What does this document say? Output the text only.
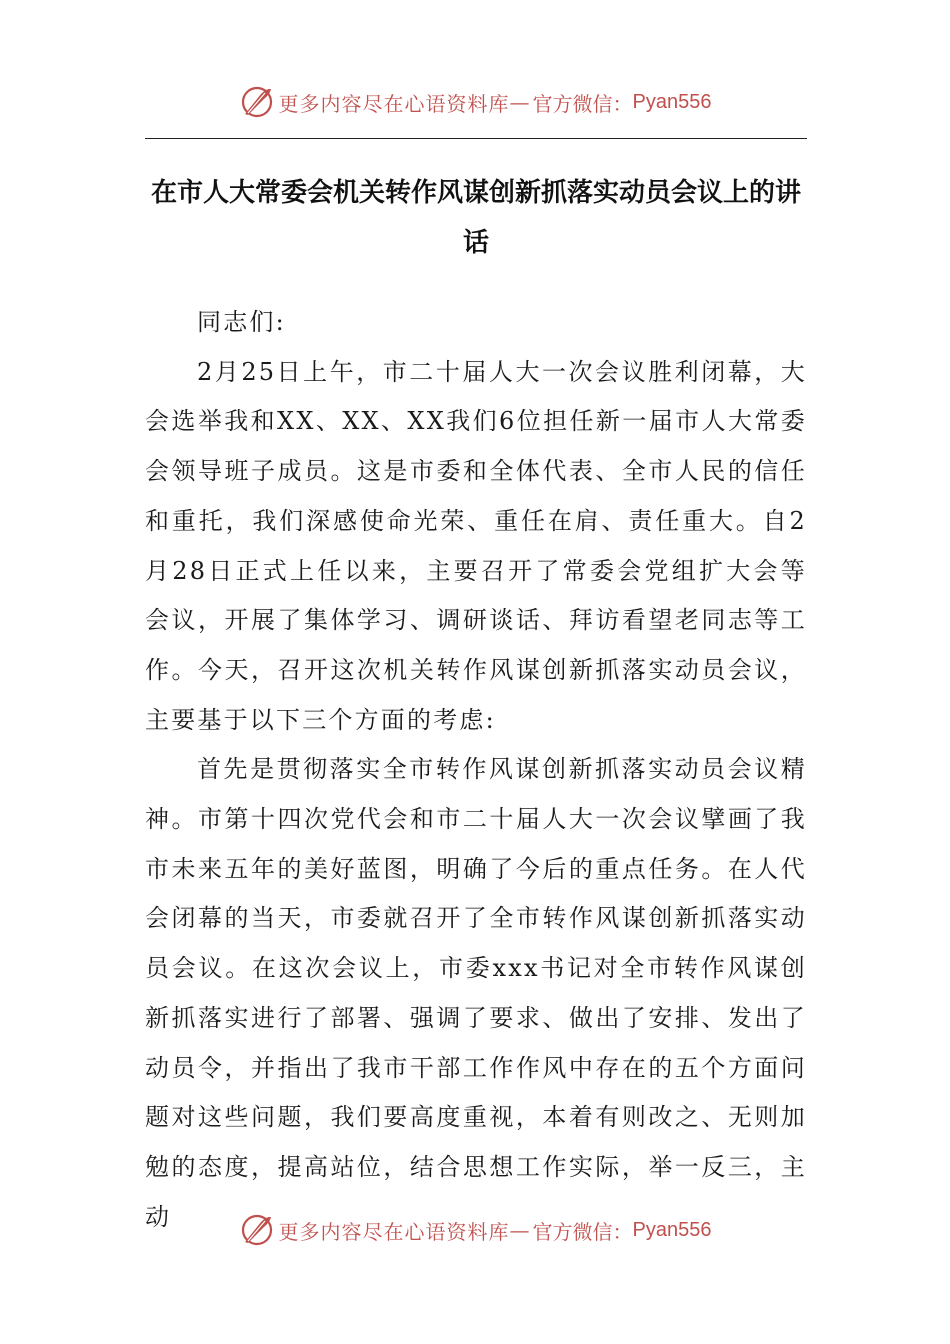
更多内容尽在心语资料库 — 官方微信： Pyan556
在市人大常委会机关转作风谋创新抓落实动员会议上的讲话

同志们:

2月25日上午，市二十届人大一次会议胜利闭幕，大会选举我和XX、XX、XX我们6位担任新一届市人大常委会领导班子成员。这是市委和全体代表、全市人民的信任和重托，我们深感使命光荣、重任在肩、责任重大。自2月28日正式上任以来，主要召开了常委会党组扩大会等会议，开展了集体学习、调研谈话、拜访看望老同志等工作。今天，召开这次机关转作风谋创新抓落实动员会议，主要基于以下三个方面的考虑:

首先是贯彻落实全市转作风谋创新抓落实动员会议精神。市第十四次党代会和市二十届人大一次会议擘画了我市未来五年的美好蓝图，明确了今后的重点任务。在人代会闭幕的当天，市委就召开了全市转作风谋创新抓落实动员会议。在这次会议上，市委xxx书记对全市转作风谋创新抓落实进行了部署、强调了要求、做出了安排、发出了动员令，并指出了我市干部工作作风中存在的五个方面问题对这些问题，我们要高度重视，本着有则改之、无则加勉的态度，提高站位，结合思想工作实际，举一反三，主动

更多内容尽在心语资料库 — 官方微信： Pyan556
